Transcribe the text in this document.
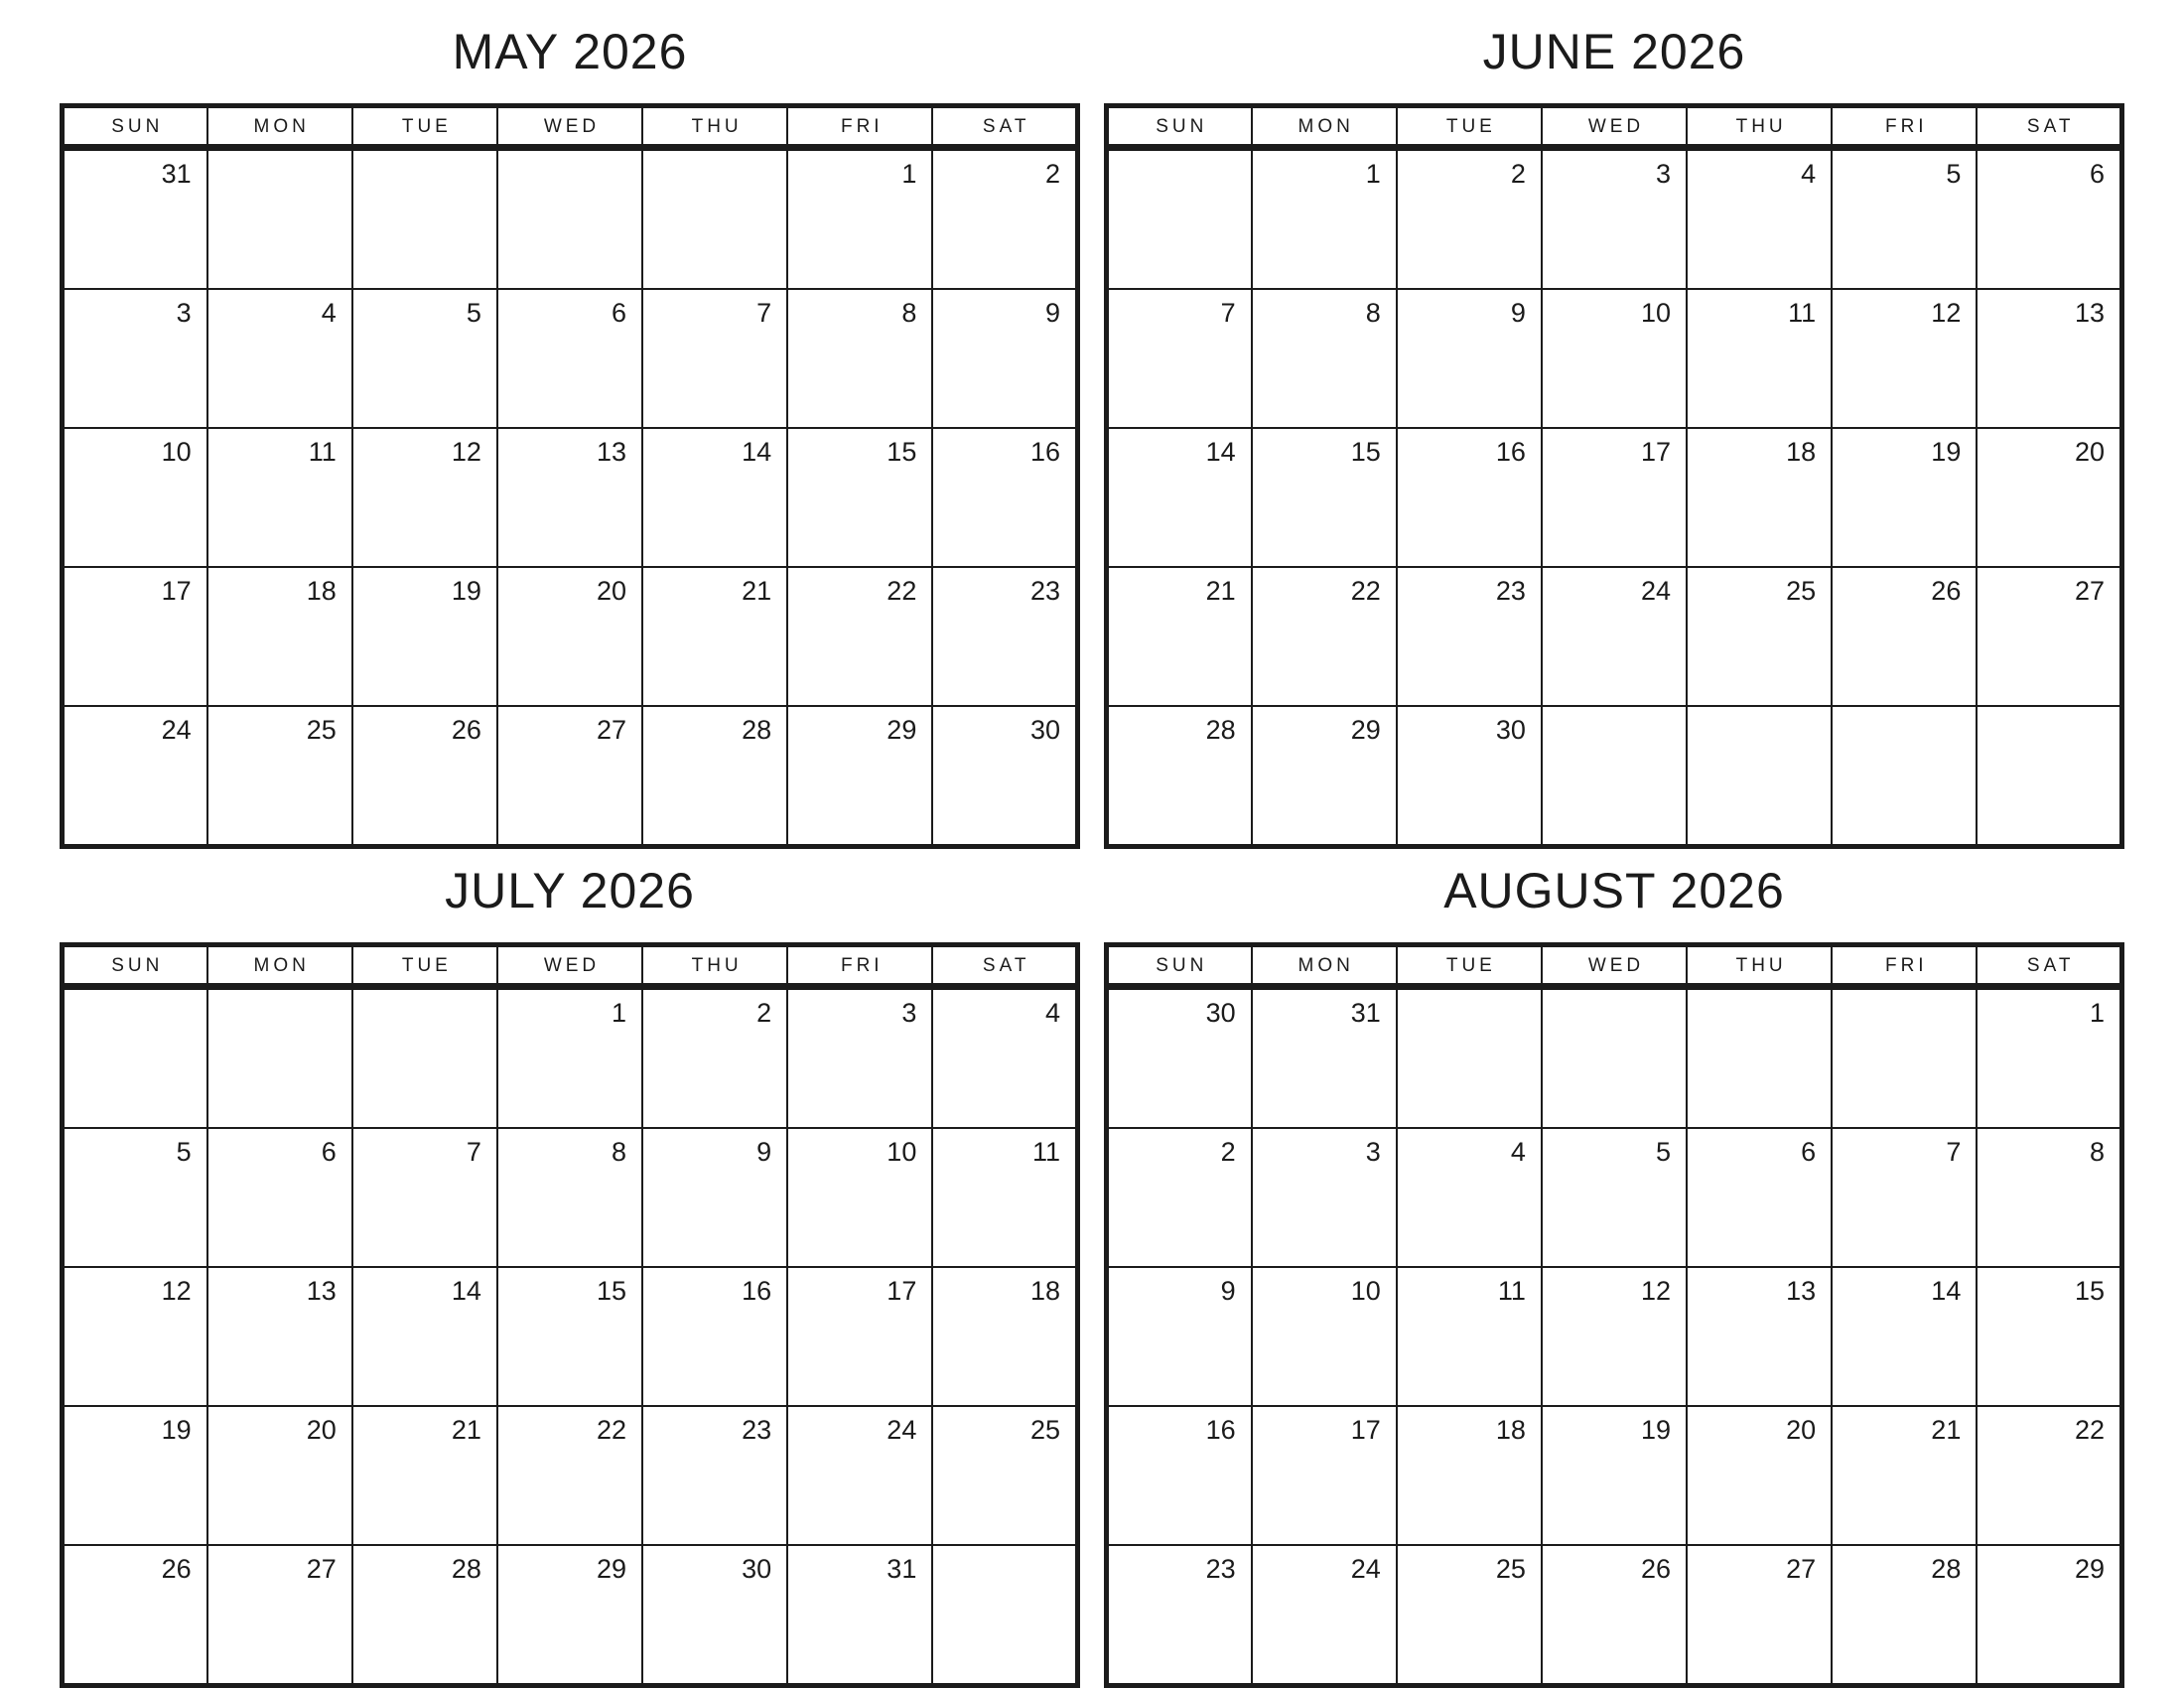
MAY 2026
SUN	MON	TUE	WED	THU	FRI	SAT
31					1	2
3	4	5	6	7	8	9
10	11	12	13	14	15	16
17	18	19	20	21	22	23
24	25	26	27	28	29	30
JUNE 2026
SUN	MON	TUE	WED	THU	FRI	SAT
	1	2	3	4	5	6
7	8	9	10	11	12	13
14	15	16	17	18	19	20
21	22	23	24	25	26	27
28	29	30				
JULY 2026
SUN	MON	TUE	WED	THU	FRI	SAT
			1	2	3	4
5	6	7	8	9	10	11
12	13	14	15	16	17	18
19	20	21	22	23	24	25
26	27	28	29	30	31	
AUGUST 2026
SUN	MON	TUE	WED	THU	FRI	SAT
30	31					1
2	3	4	5	6	7	8
9	10	11	12	13	14	15
16	17	18	19	20	21	22
23	24	25	26	27	28	29
